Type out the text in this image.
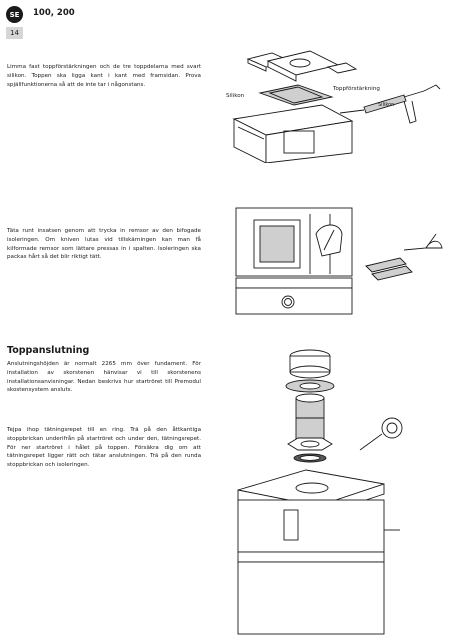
SE	100, 200
14
Limma fast toppförstärkningen och de tre toppdelarna med svart silikon. Toppen ska ligga kant i kant med framsidan. Prova spjällfunktionerna så att de inte tar i någonstans.
Täta runt insatsen genom att trycka in remsor av den bifogade isoleringen. Om kniven lutas vid tillskärningen kan man få kilformade remsor som lättare pressas in i spalten. Isoleringen ska packas hårt så det blir riktigt tätt.
Toppanslutning
Anslutningshöjden är normalt 2265 mm över fundament. För installation av skorstenen hänvisar vi till skorstenens installationsanvisningar. Nedan beskrivs hur startröret till Premodul skostensystem ansluts.
Tejpa ihop tätningsrepet till en ring. Trä på den åttkantiga stoppbrickan underifrån på startröret och under den, tätningsrepet. För ner startröret i hålet på toppen. Försäkra dig om att tätningsrepet ligger rätt och tätar anslutningen. Trä på den runda stoppbrickan och isoleringen.
Silikon
Toppförstärkning
Silikon
